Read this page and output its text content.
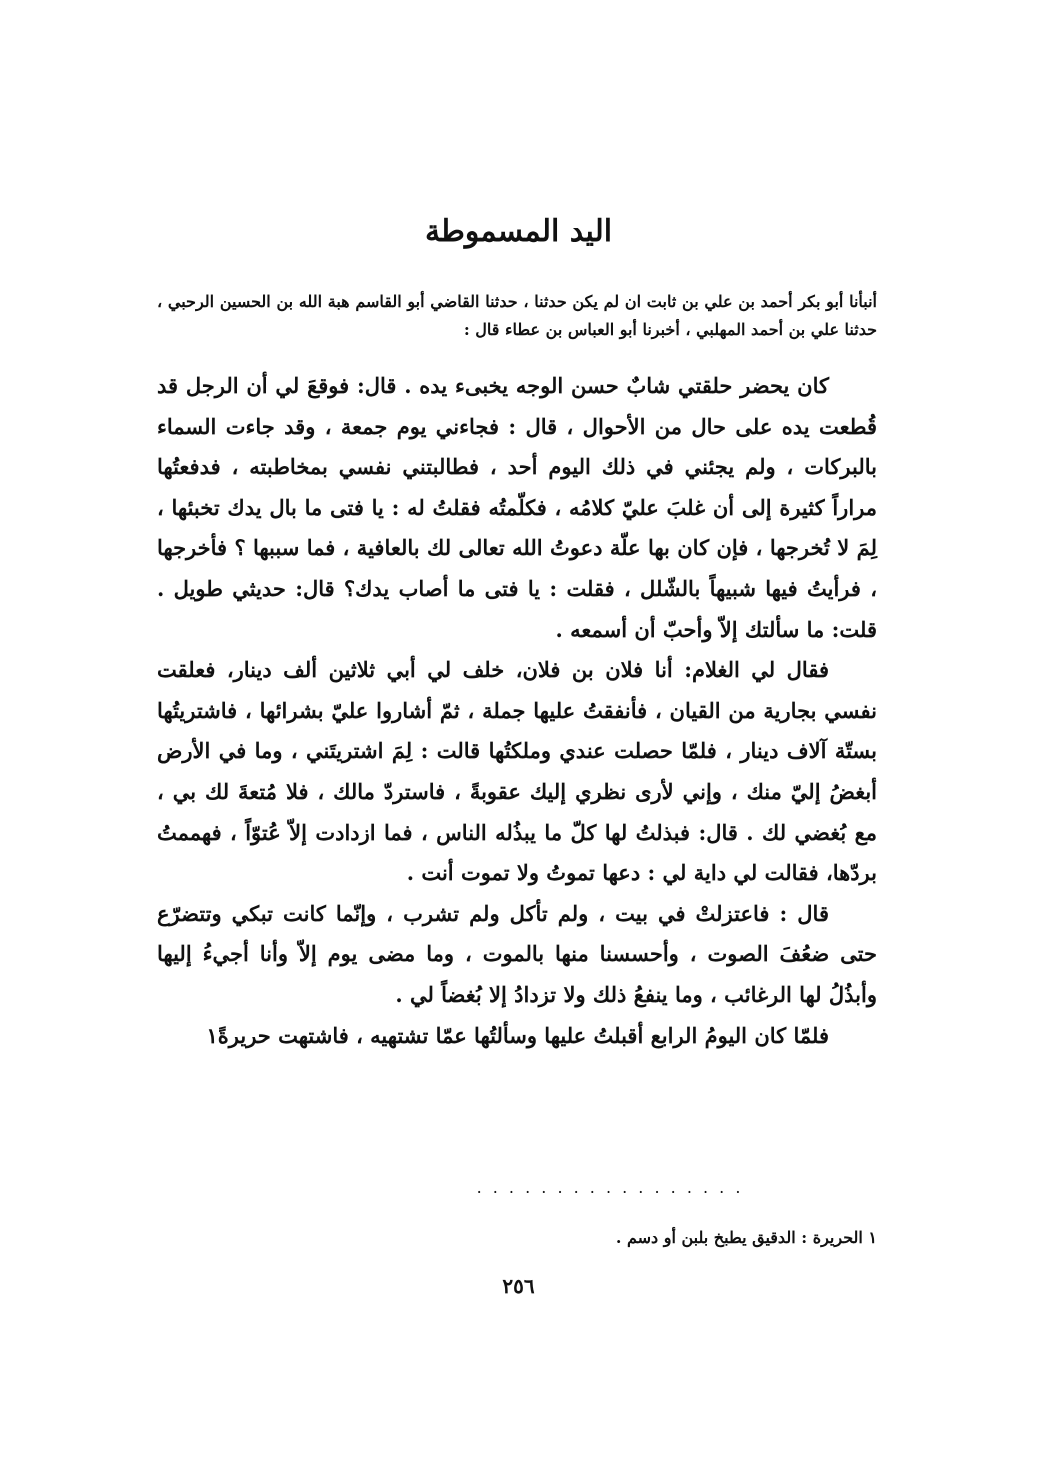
اليد المسموطة
أنبأنا أبو بكر أحمد بن علي بن ثابت ان لم يكن حدثنا ، حدثنا القاضي أبو القاسم هبة الله بن الحسين الرحبي ، حدثنا علي بن أحمد المهلبي ، أخبرنا أبو العباس بن عطاء قال :

كان يحضر حلقتي شابٌ حسن الوجه يخبىء يده . قال: فوقعَ لي أن الرجل قد قُطعت يده على حال من الأحوال ، قال : فجاءني يوم جمعة ، وقد جاءت السماء بالبركات ، ولم يجئني في ذلك اليوم أحد ، فطالبتني نفسي بمخاطبته ، فدفعتُها مراراً كثيرة إلى أن غلبَ عليّ كلامُه ، فكلّمتُه فقلتُ له : يا فتى ما بال يدك تخبئها ، لِمَ لا تُخرجها ، فإن كان بها علّة دعوتُ الله تعالى لك بالعافية ، فما سببها ؟ فأخرجها ، فرأيتُ فيها شبيهاً بالشّلل ، فقلت : يا فتى ما أصاب يدك؟ قال: حديثي طويل . قلت: ما سألتك إلاّ وأحبّ أن أسمعه .

فقال لي الغلام: أنا فلان بن فلان، خلف لي أبي ثلاثين ألف دينار، فعلقت نفسي بجارية من القيان ، فأنفقتُ عليها جملة ، ثمّ أشاروا عليّ بشرائها ، فاشتريتُها بستّة آلاف دينار ، فلمّا حصلت عندي وملكتُها قالت : لِمَ اشتريتَني ، وما في الأرض أبغضُ إليّ منك ، وإني لأرى نظري إليك عقوبةً ، فاستردّ مالك ، فلا مُتعةَ لك بي ، مع بُغضي لك . قال: فبذلتُ لها كلّ ما يبذُله الناس ، فما ازدادت إلاّ عُتوّاً ، فهممتُ بردّها، فقالت لي داية لي : دعها تموتُ ولا تموت أنت .

قال : فاعتزلتْ في بيت ، ولم تأكل ولم تشرب ، وإنّما كانت تبكي وتتضرّع حتى ضعُفَ الصوت ، وأحسسنا منها بالموت ، وما مضى يوم إلاّ وأنا أجيءُ إليها وأبذُلُ لها الرغائب ، وما ينفعُ ذلك ولا تزدادُ إلا بُغضاً لي .

فلمّا كان اليومُ الرابع أقبلتُ عليها وسألتُها عمّا تشتهيه ، فاشتهت حريرةً١

. . . . . . . . . . . . . . . . .
١ الحريرة : الدقيق يطبخ بلبن أو دسم .
٢٥٦
